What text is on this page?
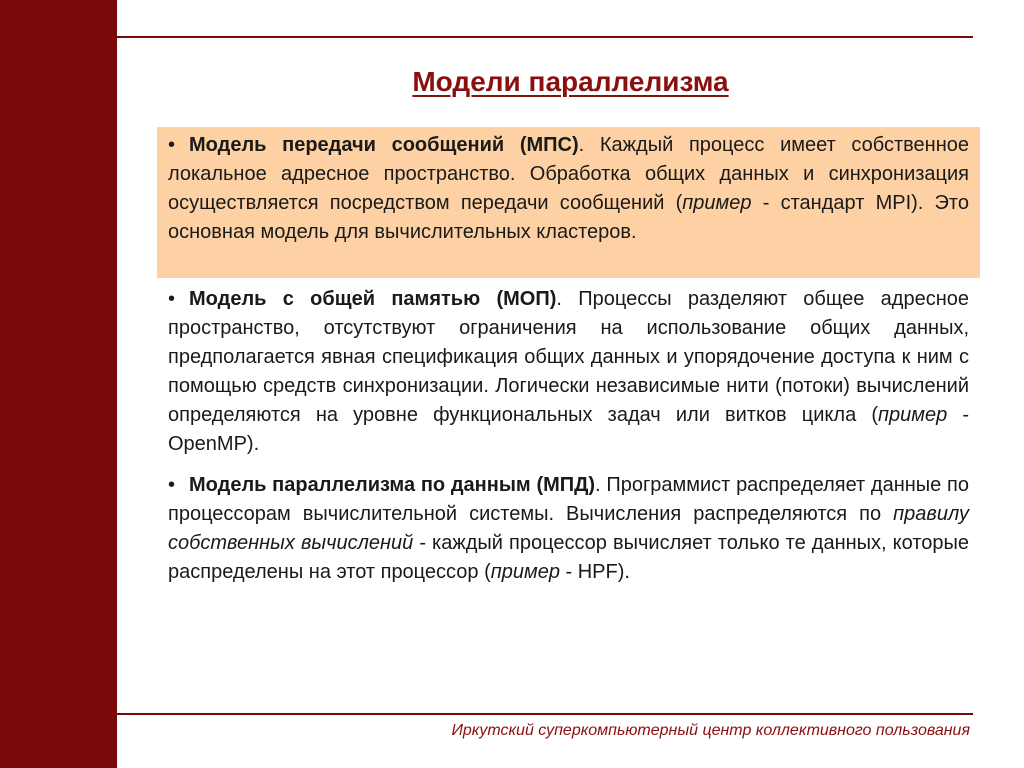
Модели параллелизма
• Модель передачи сообщений (МПС). Каждый процесс имеет собственное локальное адресное пространство. Обработка общих данных и синхронизация осуществляется посредством передачи сообщений (пример - стандарт MPI). Это основная модель для вычислительных кластеров.
• Модель с общей памятью (МОП). Процессы разделяют общее адресное пространство, отсутствуют ограничения на использование общих данных, предполагается явная спецификация общих данных и упорядочение доступа к ним с помощью средств синхронизации. Логически независимые нити (потоки) вычислений определяются на уровне функциональных задач или витков цикла (пример - OpenMP).
• Модель параллелизма по данным (МПД). Программист распределяет данные по процессорам вычислительной системы. Вычисления распределяются по правилу собственных вычислений - каждый процессор вычисляет только те данных, которые распределены на этот процессор (пример - HPF).
Иркутский суперкомпьютерный центр коллективного пользования
